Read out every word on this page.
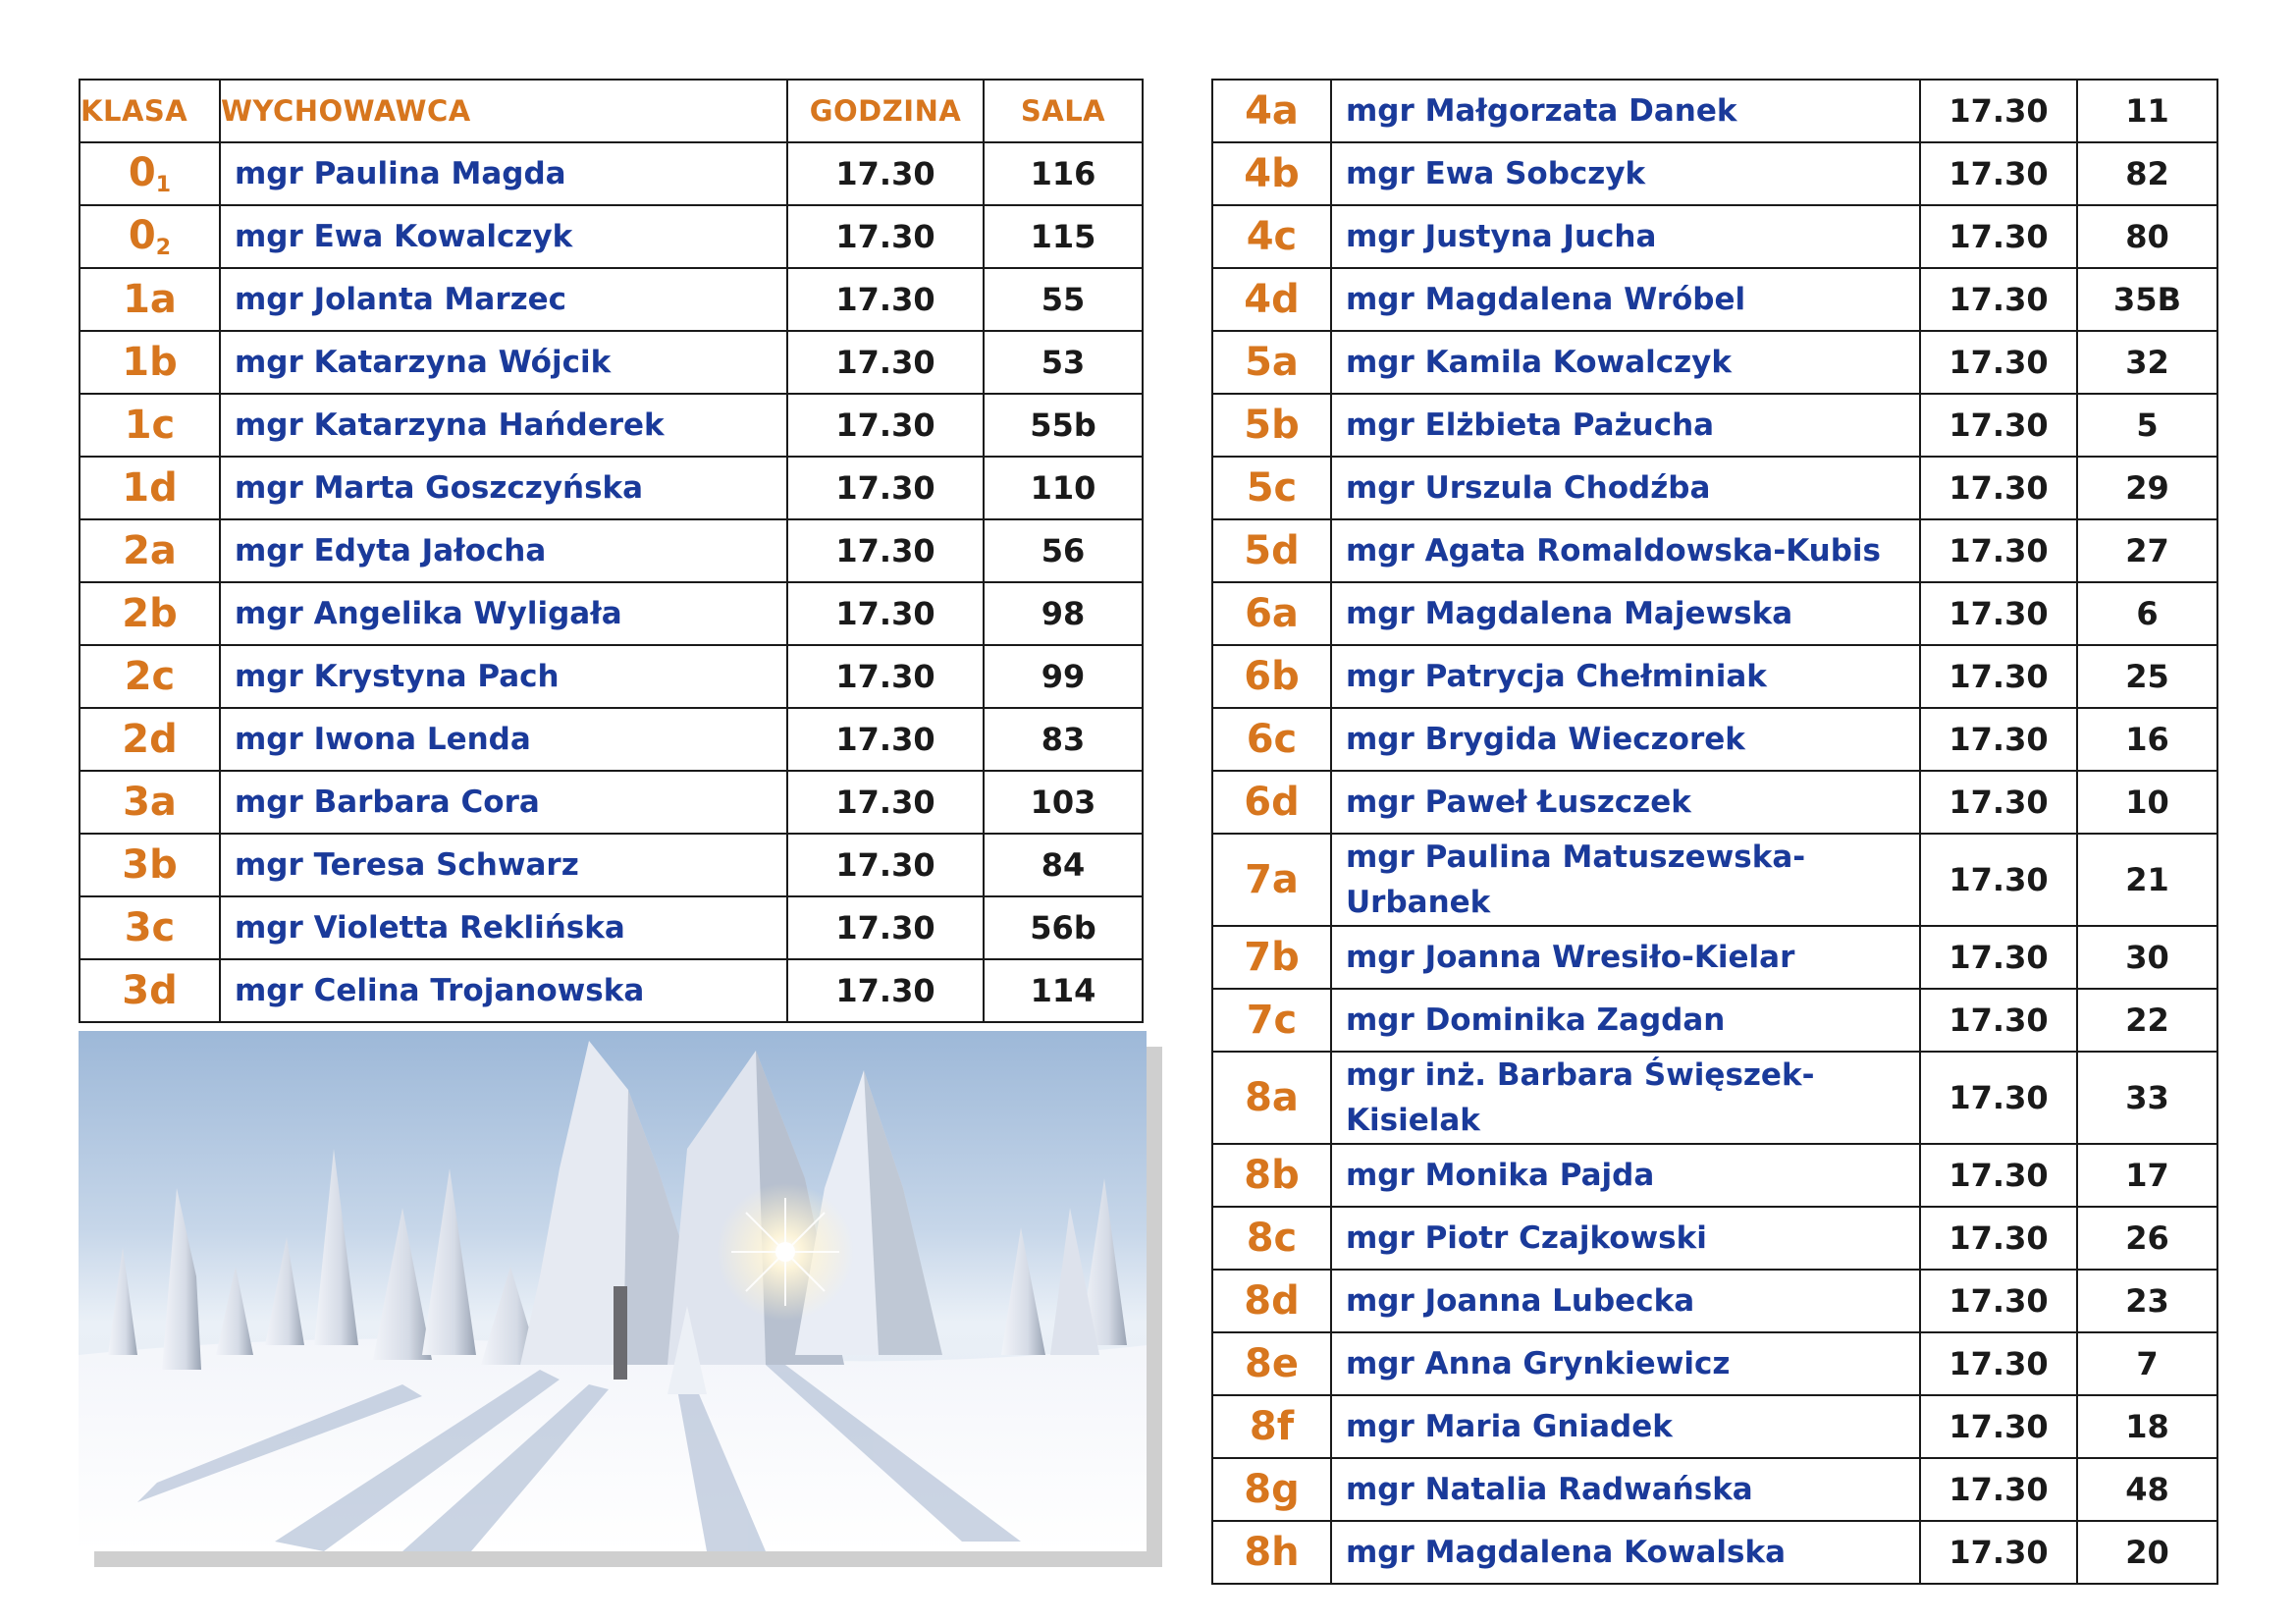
KLASA	WYCHOWAWCA	GODZINA	SALA
$0_1$	mgr Paulina Magda	17.30	116
$0_2$	mgr Ewa Kowalczyk	17.30	115
1a	mgr Jolanta Marzec	17.30	55
1b	mgr Katarzyna Wójcik	17.30	53
1c	mgr Katarzyna Hańderek	17.30	55b
1d	mgr Marta Goszczyńska	17.30	110
2a	mgr Edyta Jałocha	17.30	56
2b	mgr Angelika Wyligała	17.30	98
2c	mgr Krystyna Pach	17.30	99
2d	mgr Iwona Lenda	17.30	83
3a	mgr Barbara Cora	17.30	103
3b	mgr Teresa Schwarz	17.30	84
3c	mgr Violetta Reklińska	17.30	56b
3d	mgr Celina Trojanowska	17.30	114
4a	mgr Małgorzata Danek	17.30	11
4b	mgr Ewa Sobczyk	17.30	82
4c	mgr Justyna Jucha	17.30	80
4d	mgr Magdalena Wróbel	17.30	35B
5a	mgr Kamila Kowalczyk	17.30	32
5b	mgr Elżbieta Pażucha	17.30	5
5c	mgr Urszula Chodźba	17.30	29
5d	mgr Agata Romaldowska-Kubis	17.30	27
6a	mgr Magdalena Majewska	17.30	6
6b	mgr Patrycja Chełminiak	17.30	25
6c	mgr Brygida Wieczorek	17.30	16
6d	mgr Paweł Łuszczek	17.30	10
7a	mgr Paulina Matuszewska-Urbanek	17.30	21
7b	mgr Joanna Wresiło-Kielar	17.30	30
7c	mgr Dominika Zagdan	17.30	22
8a	mgr inż. Barbara Święszek-Kisielak	17.30	33
8b	mgr Monika Pajda	17.30	17
8c	mgr Piotr Czajkowski	17.30	26
8d	mgr Joanna Lubecka	17.30	23
8e	mgr Anna Grynkiewicz	17.30	7
8f	mgr Maria Gniadek	17.30	18
8g	mgr Natalia Radwańska	17.30	48
8h	mgr Magdalena Kowalska	17.30	20
